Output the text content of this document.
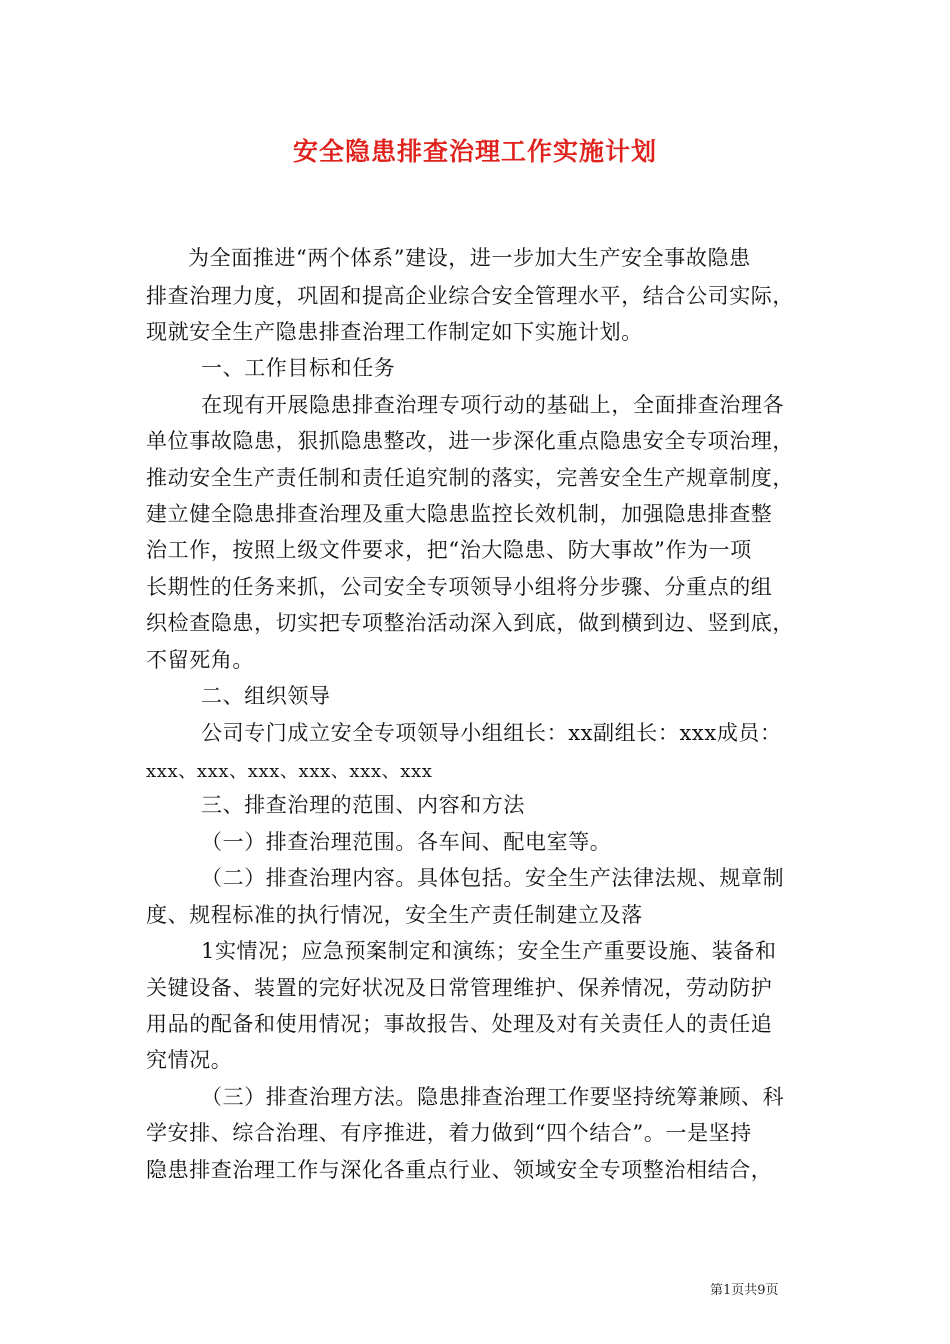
安全隐患排查治理工作实施计划
为全面推进“两个体系”建设，进一步加大生产安全事故隐患
排查治理力度，巩固和提高企业综合安全管理水平，结合公司实际，
现就安全生产隐患排查治理工作制定如下实施计划。
一、工作目标和任务
在现有开展隐患排查治理专项行动的基础上，全面排查治理各
单位事故隐患，狠抓隐患整改，进一步深化重点隐患安全专项治理，
推动安全生产责任制和责任追究制的落实，完善安全生产规章制度，
建立健全隐患排查治理及重大隐患监控长效机制，加强隐患排查整
治工作，按照上级文件要求，把“治大隐患、防大事故”作为一项
长期性的任务来抓，公司安全专项领导小组将分步骤、分重点的组
织检查隐患，切实把专项整治活动深入到底，做到横到边、竖到底，
不留死角。
二、组织领导
公司专门成立安全专项领导小组组长：xx副组长：xxx成员：
xxx、xxx、xxx、xxx、xxx、xxx
三、排查治理的范围、内容和方法
（一）排查治理范围。各车间、配电室等。
（二）排查治理内容。具体包括。安全生产法律法规、规章制
度、规程标准的执行情况，安全生产责任制建立及落
1实情况；应急预案制定和演练；安全生产重要设施、装备和
关键设备、装置的完好状况及日常管理维护、保养情况，劳动防护
用品的配备和使用情况；事故报告、处理及对有关责任人的责任追
究情况。
（三）排查治理方法。隐患排查治理工作要坚持统筹兼顾、科
学安排、综合治理、有序推进，着力做到“四个结合”。一是坚持
隐患排查治理工作与深化各重点行业、领域安全专项整治相结合，
第1页共9页
